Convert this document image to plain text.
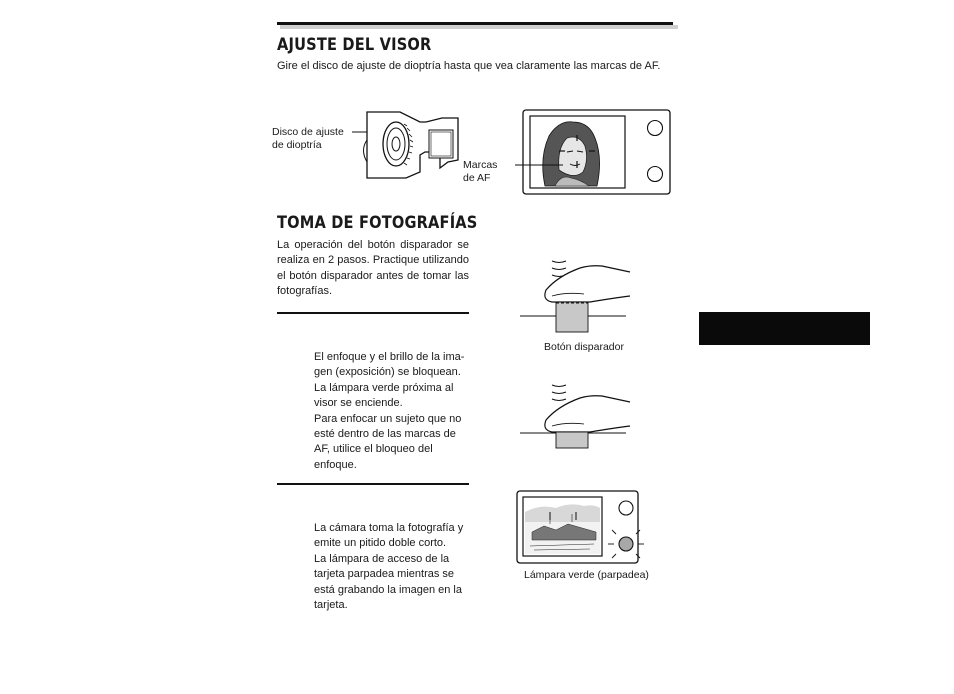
AJUSTE DEL VISOR
Gire el disco de ajuste de dioptría hasta que vea claramente las marcas de AF.
Disco de ajuste
de dioptría
Marcas
de AF
TOMA DE FOTOGRAFÍAS
La operación del botón disparador se realiza en 2 pasos. Practique utilizando el botón disparador antes de tomar las fotografías.
El enfoque y el brillo de la ima-
gen (exposición) se bloquean.
La lámpara verde próxima al
visor se enciende.
Para enfocar un sujeto que no
esté dentro de las marcas de
AF, utilice el bloqueo del
enfoque.
La cámara toma la fotografía y
emite un pitido doble corto.
La lámpara de acceso de la
tarjeta parpadea mientras se
está grabando la imagen en la
tarjeta.
Botón disparador
Lámpara verde (parpadea)
